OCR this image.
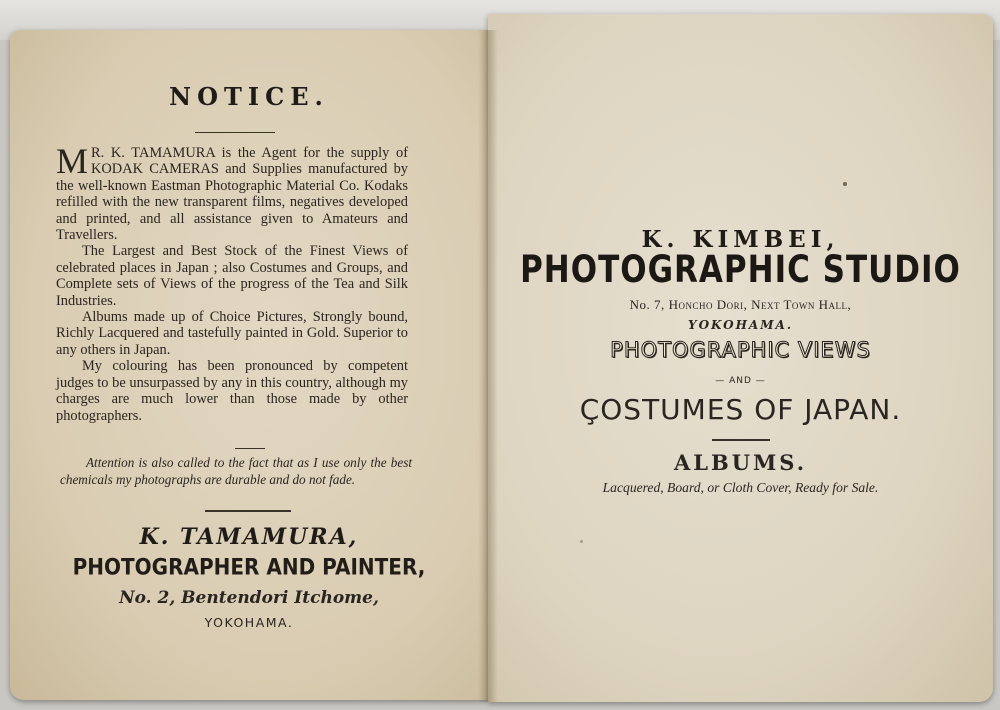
NOTICE.

M R. K. TAMAMURA is the Agent for the supply of KODAK CAMERAS and Supplies manufactured by the well-known Eastman Photographic Material Co. Kodaks refilled with the new transparent films, negatives developed and printed, and all assistance given to Amateurs and Travellers.

The Largest and Best Stock of the Finest Views of celebrated places in Japan ; also Costumes and Groups, and Complete sets of Views of the progress of the Tea and Silk Industries.

Albums made up of Choice Pictures, Strongly bound, Richly Lacquered and tastefully painted in Gold. Superior to any others in Japan.

My colouring has been pronounced by competent judges to be unsurpassed by any in this country, although my charges are much lower than those made by other photographers.

Attention is also called to the fact that as I use only the best chemicals my photographs are durable and do not fade.
K. TAMAMURA,
PHOTOGRAPHER AND PAINTER,
No. 2, Bentendori Itchome,
YOKOHAMA.
K. KIMBEI,
PHOTOGRAPHIC STUDIO
No. 7, Honcho Dori, Next Town Hall,
YOKOHAMA.
PHOTOGRAPHIC VIEWS
— AND —
ÇOSTUMES OF JAPAN.
ALBUMS.
Lacquered, Board, or Cloth Cover, Ready for Sale.
